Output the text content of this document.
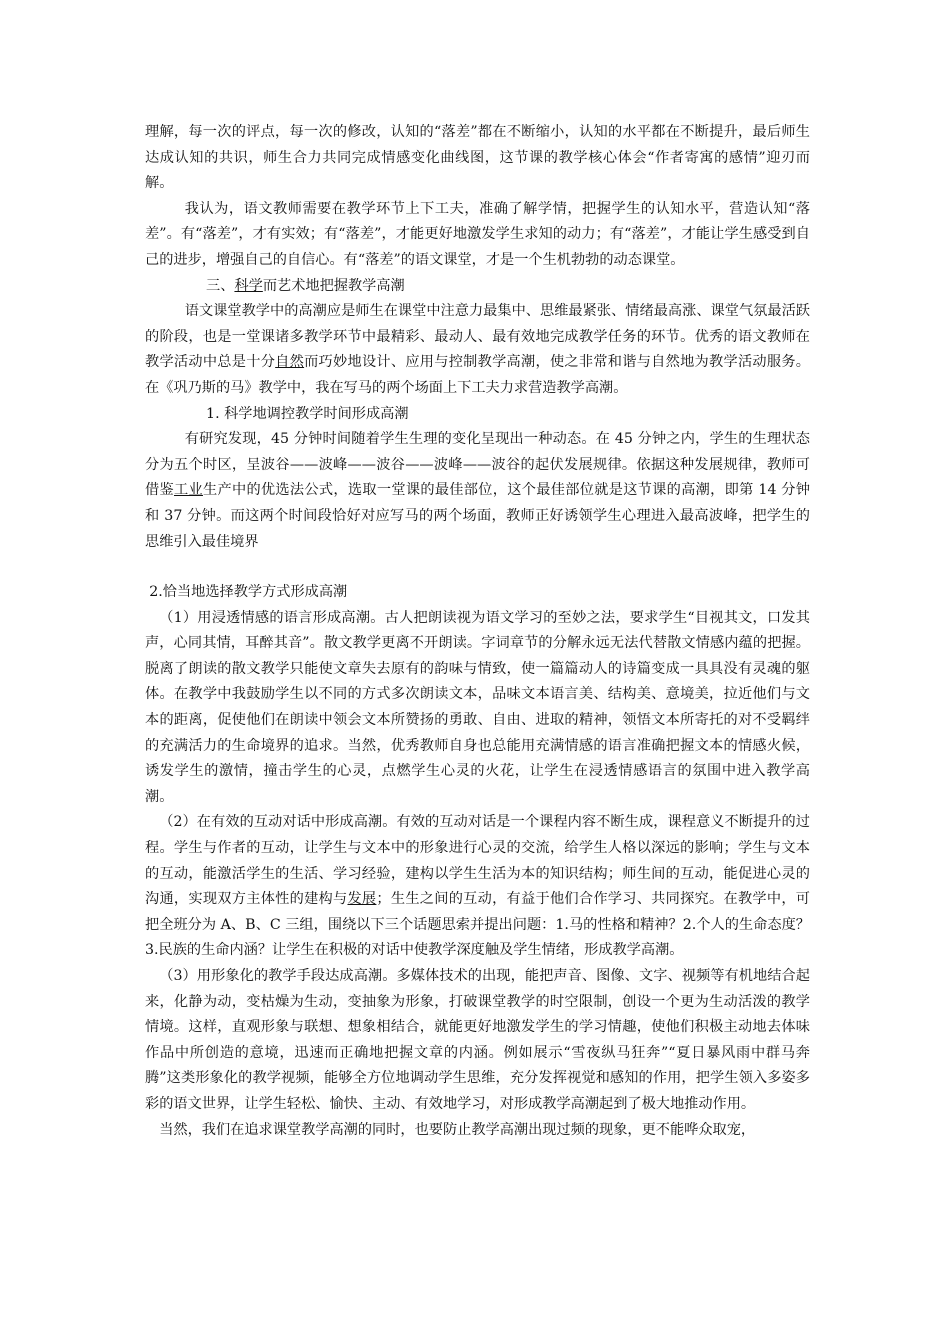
理解，每一次的评点，每一次的修改，认知的“落差”都在不断缩小，认知的水平都在不断提升，最后师生达成认知的共识，师生合力共同完成情感变化曲线图，这节课的教学核心体会“作者寄寓的感情”迎刃而解。

我认为，语文教师需要在教学环节上下工夫，准确了解学情，把握学生的认知水平，营造认知“落差”。有“落差”，才有实效；有“落差”，才能更好地激发学生求知的动力；有“落差”，才能让学生感受到自己的进步，增强自己的自信心。有“落差”的语文课堂，才是一个生机勃勃的动态课堂。

三、科学而艺术地把握教学高潮

语文课堂教学中的高潮应是师生在课堂中注意力最集中、思维最紧张、情绪最高涨、课堂气氛最活跃的阶段，也是一堂课诸多教学环节中最精彩、最动人、最有效地完成教学任务的环节。优秀的语文教师在教学活动中总是十分自然而巧妙地设计、应用与控制教学高潮，使之非常和谐与自然地为教学活动服务。在《巩乃斯的马》教学中，我在写马的两个场面上下工夫力求营造教学高潮。

1. 科学地调控教学时间形成高潮

有研究发现，45 分钟时间随着学生生理的变化呈现出一种动态。在 45 分钟之内，学生的生理状态分为五个时区，呈波谷——波峰——波谷——波峰——波谷的起伏发展规律。依据这种发展规律，教师可借鉴工业生产中的优选法公式，选取一堂课的最佳部位，这个最佳部位就是这节课的高潮，即第 14 分钟和 37 分钟。而这两个时间段恰好对应写马的两个场面，教师正好诱领学生心理进入最高波峰，把学生的思维引入最佳境界

2.恰当地选择教学方式形成高潮

（1）用浸透情感的语言形成高潮。古人把朗读视为语文学习的至妙之法，要求学生“目视其文，口发其声，心同其情，耳醉其音”。散文教学更离不开朗读。字词章节的分解永远无法代替散文情感内蕴的把握。脱离了朗读的散文教学只能使文章失去原有的韵味与情致，使一篇篇动人的诗篇变成一具具没有灵魂的躯体。在教学中我鼓励学生以不同的方式多次朗读文本，品味文本语言美、结构美、意境美，拉近他们与文本的距离，促使他们在朗读中领会文本所赞扬的勇敢、自由、进取的精神，领悟文本所寄托的对不受羁绊的充满活力的生命境界的追求。当然，优秀教师自身也总能用充满情感的语言准确把握文本的情感火候，诱发学生的激情，撞击学生的心灵，点燃学生心灵的火花，让学生在浸透情感语言的氛围中进入教学高潮。

（2）在有效的互动对话中形成高潮。有效的互动对话是一个课程内容不断生成，课程意义不断提升的过程。学生与作者的互动，让学生与文本中的形象进行心灵的交流，给学生人格以深远的影响；学生与文本的互动，能激活学生的生活、学习经验，建构以学生生活为本的知识结构；师生间的互动，能促进心灵的沟通，实现双方主体性的建构与发展；生生之间的互动，有益于他们合作学习、共同探究。在教学中，可把全班分为 A、B、C 三组，围绕以下三个话题思索并提出问题：1.马的性格和精神？2.个人的生命态度？3.民族的生命内涵？让学生在积极的对话中使教学深度触及学生情绪，形成教学高潮。

（3）用形象化的教学手段达成高潮。多媒体技术的出现，能把声音、图像、文字、视频等有机地结合起来，化静为动，变枯燥为生动，变抽象为形象，打破课堂教学的时空限制，创设一个更为生动活泼的教学情境。这样，直观形象与联想、想象相结合，就能更好地激发学生的学习情趣，使他们积极主动地去体味作品中所创造的意境，迅速而正确地把握文章的内涵。例如展示“雪夜纵马狂奔”“夏日暴风雨中群马奔腾”这类形象化的教学视频，能够全方位地调动学生思维，充分发挥视觉和感知的作用，把学生领入多姿多彩的语文世界，让学生轻松、愉快、主动、有效地学习，对形成教学高潮起到了极大地推动作用。

当然，我们在追求课堂教学高潮的同时，也要防止教学高潮出现过频的现象，更不能哗众取宠，
